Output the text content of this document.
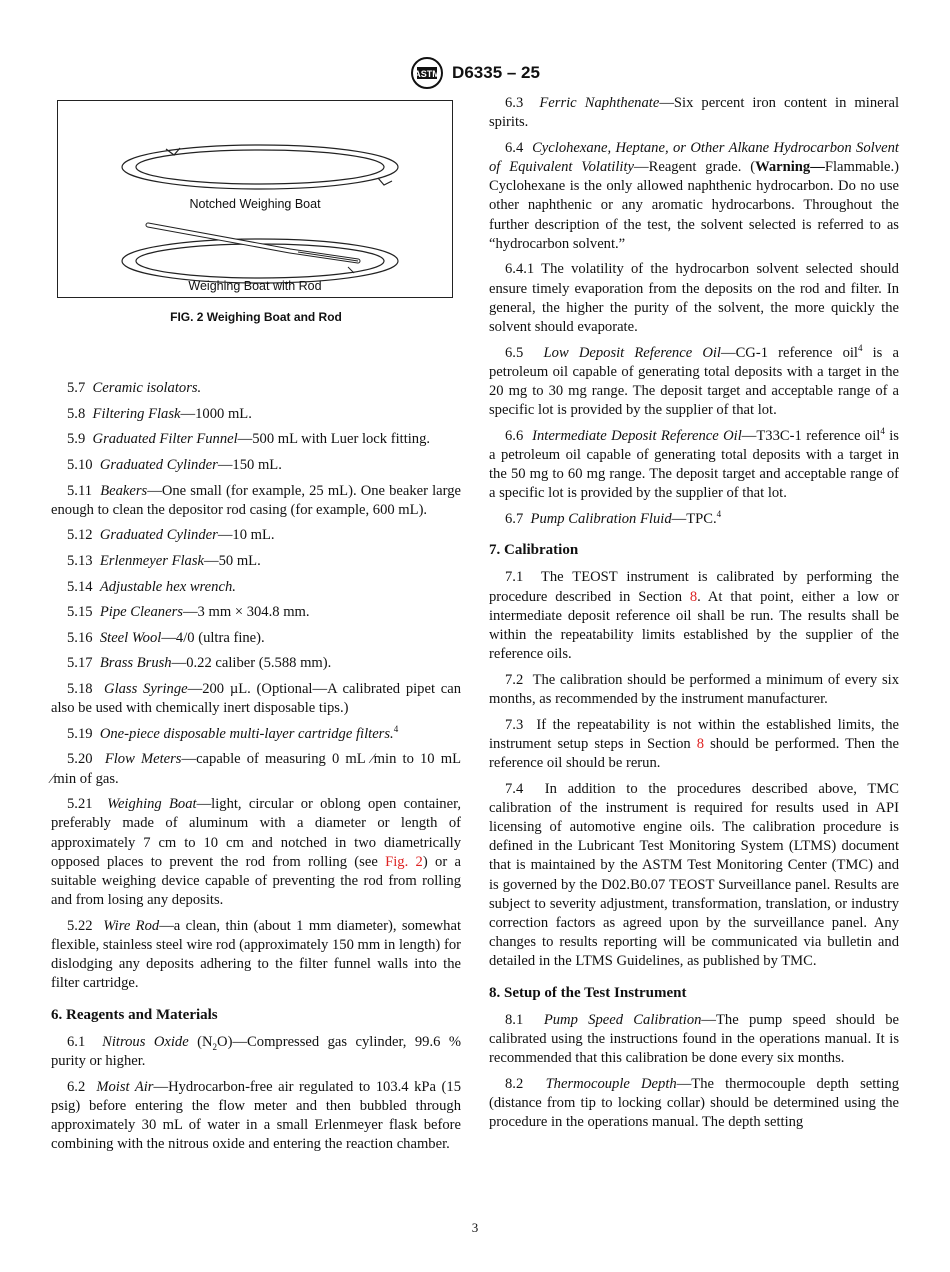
ASTM D6335 – 25
Notched Weighing Boat
Weighing Boat with Rod
FIG. 2 Weighing Boat and Rod

5.7 Ceramic isolators.

5.8 Filtering Flask—1000 mL.

5.9 Graduated Filter Funnel—500 mL with Luer lock fitting.

5.10 Graduated Cylinder—150 mL.

5.11 Beakers—One small (for example, 25 mL). One beaker large enough to clean the depositor rod casing (for example, 600 mL).

5.12 Graduated Cylinder—10 mL.

5.13 Erlenmeyer Flask—50 mL.

5.14 Adjustable hex wrench.

5.15 Pipe Cleaners—3 mm × 304.8 mm.

5.16 Steel Wool—4/0 (ultra fine).

5.17 Brass Brush—0.22 caliber (5.588 mm).

5.18 Glass Syringe—200 µL. (Optional—A calibrated pipet can also be used with chemically inert disposable tips.)

5.19 One-piece disposable multi-layer cartridge filters.$^4$

5.20 Flow Meters—capable of measuring 0 mL ⁄min to 10 mL ⁄min of gas.

5.21 Weighing Boat—light, circular or oblong open container, preferably made of aluminum with a diameter or length of approximately 7 cm to 10 cm and notched in two diametrically opposed places to prevent the rod from rolling (see Fig. 2) or a suitable weighing device capable of preventing the rod from rolling and from losing any deposits.

5.22 Wire Rod—a clean, thin (about 1 mm diameter), somewhat flexible, stainless steel wire rod (approximately 150 mm in length) for dislodging any deposits adhering to the filter funnel walls into the filter cartridge.

6. Reagents and Materials

6.1 Nitrous Oxide $(N_2O)—Compressed$ gas cylinder, 99.6 % purity or higher.

6.2 Moist Air—Hydrocarbon-free air regulated to 103.4 kPa (15 psig) before entering the flow meter and then bubbled through approximately 30 mL of water in a small Erlenmeyer flask before combining with the nitrous oxide and entering the reaction chamber.

6.3 Ferric Naphthenate—Six percent iron content in mineral spirits.

6.4 Cyclohexane, Heptane, or Other Alkane Hydrocarbon Solvent of Equivalent Volatility—Reagent grade. (Warning—Flammable.) Cyclohexane is the only allowed naphthenic hydrocarbon. Do no use other naphthenic or any aromatic hydrocarbons. Throughout the further description of the test, the solvent selected is referred to as “hydrocarbon solvent.”

6.4.1 The volatility of the hydrocarbon solvent selected should ensure timely evaporation from the deposits on the rod and filter. In general, the higher the purity of the solvent, the more quickly the solvent should evaporate.

6.5 Low Deposit Reference Oil—CG-1 reference oil$^4$ is a petroleum oil capable of generating total deposits with a target in the 20 mg to 30 mg range. The deposit target and acceptable range of a specific lot is provided by the supplier of that lot.

6.6 Intermediate Deposit Reference Oil—T33C-1 reference oil$^4$ is a petroleum oil capable of generating total deposits with a target in the 50 mg to 60 mg range. The deposit target and acceptable range of a specific lot is provided by the supplier of that lot.

6.7 Pump Calibration Fluid—TPC.$^4$

7. Calibration

7.1 The TEOST instrument is calibrated by performing the procedure described in Section 8. At that point, either a low or intermediate deposit reference oil shall be run. The results shall be within the repeatability limits established by the supplier of the reference oils.

7.2 The calibration should be performed a minimum of every six months, as recommended by the instrument manufacturer.

7.3 If the repeatability is not within the established limits, the instrument setup steps in Section 8 should be performed. Then the reference oil should be rerun.

7.4 In addition to the procedures described above, TMC calibration of the instrument is required for results used in API licensing of automotive engine oils. The calibration procedure is defined in the Lubricant Test Monitoring System (LTMS) document that is maintained by the ASTM Test Monitoring Center (TMC) and is governed by the D02.B0.07 TEOST Surveillance panel. Results are subject to severity adjustment, transformation, translation, or industry correction factors as agreed upon by the surveillance panel. Any changes to results reporting will be communicated via bulletin and detailed in the LTMS Guidelines, as published by TMC.

8. Setup of the Test Instrument

8.1 Pump Speed Calibration—The pump speed should be calibrated using the instructions found in the operations manual. It is recommended that this calibration be done every six months.

8.2 Thermocouple Depth—The thermocouple depth setting (distance from tip to locking collar) should be determined using the procedure in the operations manual. The depth setting

3
